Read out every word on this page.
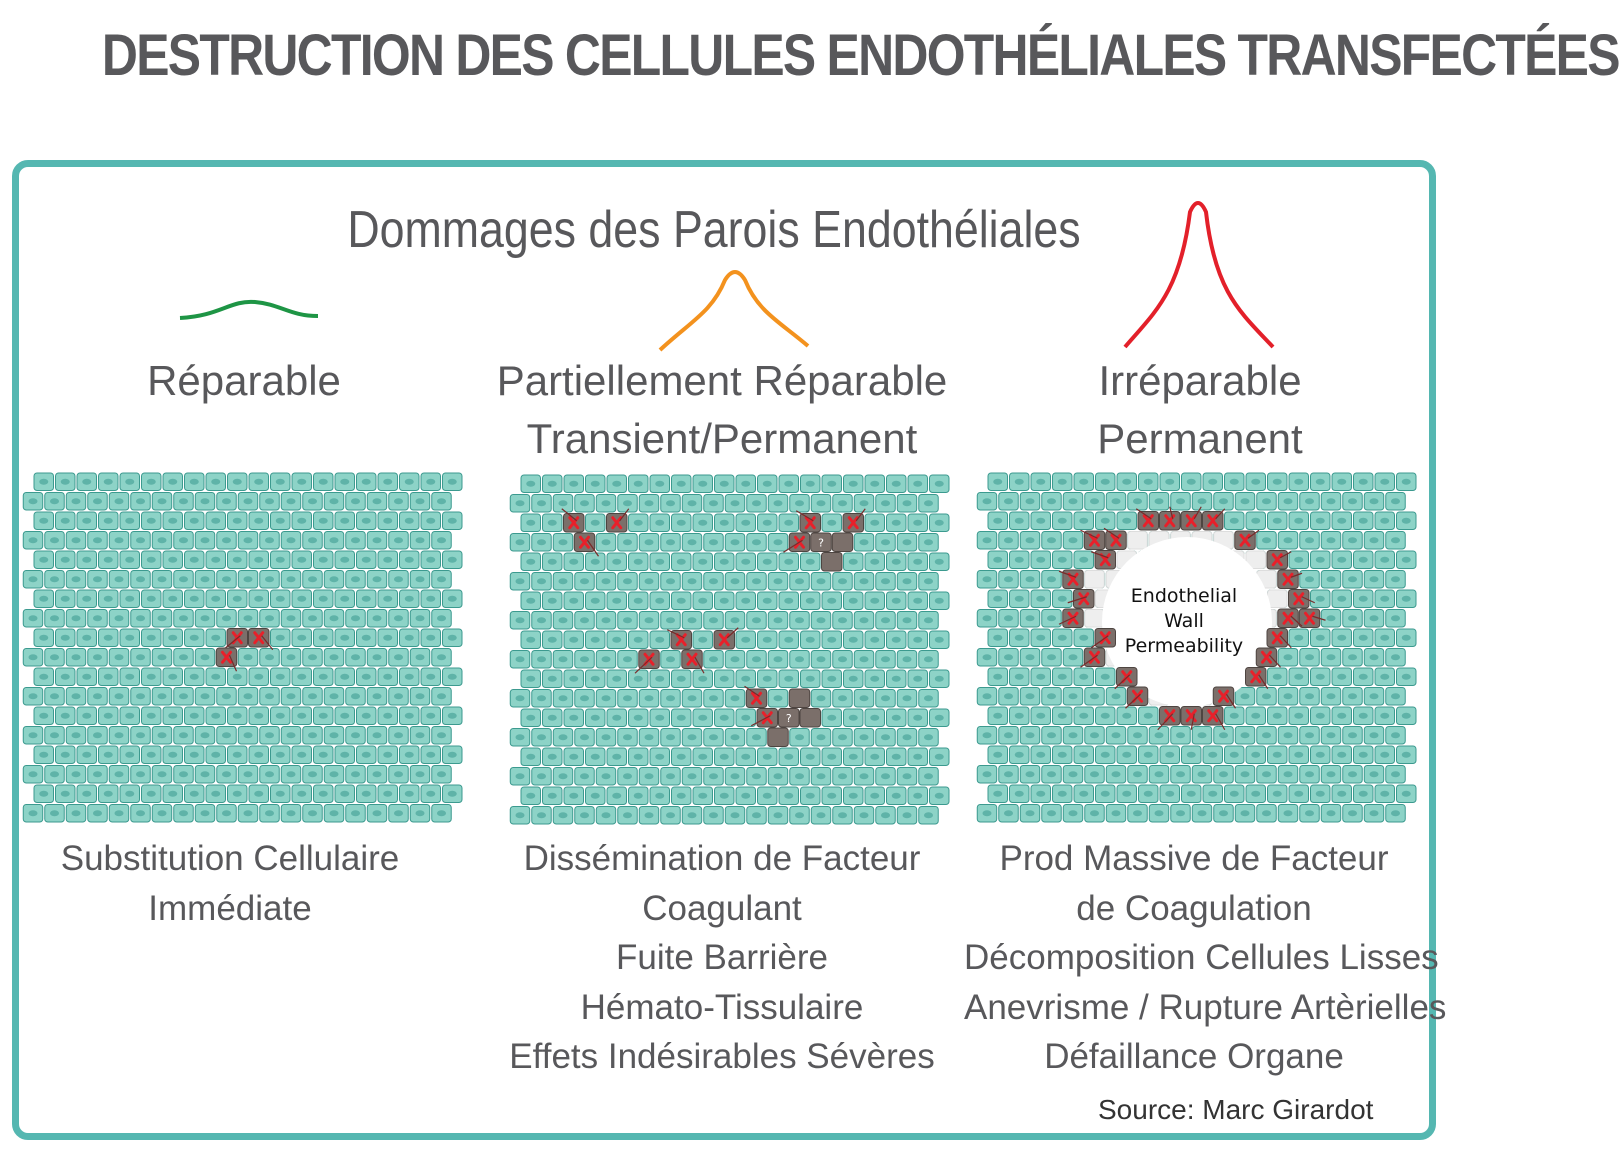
DESTRUCTION DES CELLULES ENDOTHÉLIALES TRANSFECTÉES
Dommages des Parois Endothéliales
Réparable	Partiellement Réparable
Transient/Permanent
Irréparable
Permanent
?
?
Endothelial
Wall
Permeability
Substitution Cellulaire
Immédiate
Dissémination de Facteur
Coagulant
Fuite Barrière
Hémato-Tissulaire
Effets Indésirables Sévères
Prod Massive de Facteur
de Coagulation
Décomposition Cellules Lisses
Anevrisme / Rupture Artèrielles
Défaillance Organe
Source: Marc Girardot
